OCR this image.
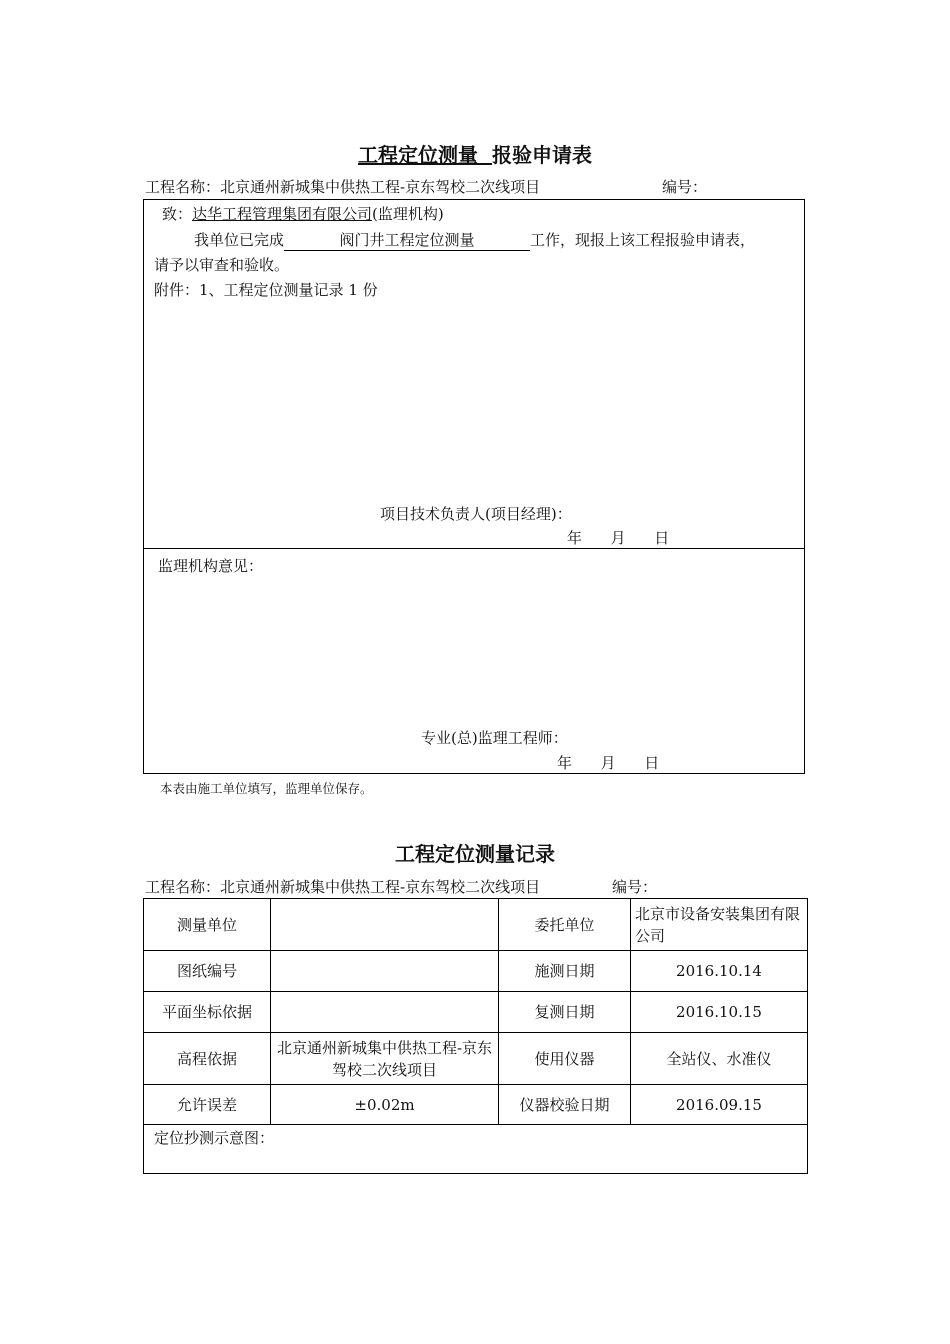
工程定位测量 报验申请表
工程名称：北京通州新城集中供热工程-京东驾校二次线项目	编号：
致：达华工程管理集团有限公司(监理机构)
我单位已完成	阀门井工程定位测量	工作，现报上该工程报验申请表，
请予以审查和验收。
附件：1、工程定位测量记录 1 份
项目技术负责人(项目经理)：
年      月      日
监理机构意见：
专业(总)监理工程师：
年      月      日
本表由施工单位填写，监理单位保存。
工程定位测量记录
工程名称：北京通州新城集中供热工程-京东驾校二次线项目	编号：
测量单位		委托单位	北京市设备安装集团有限公司
图纸编号		施测日期	2016.10.14
平面坐标依据		复测日期	2016.10.15
高程依据	北京通州新城集中供热工程-京东驾校二次线项目	使用仪器	全站仪、水准仪
允许误差	±0.02m	仪器校验日期	2016.09.15
定位抄测示意图：			
